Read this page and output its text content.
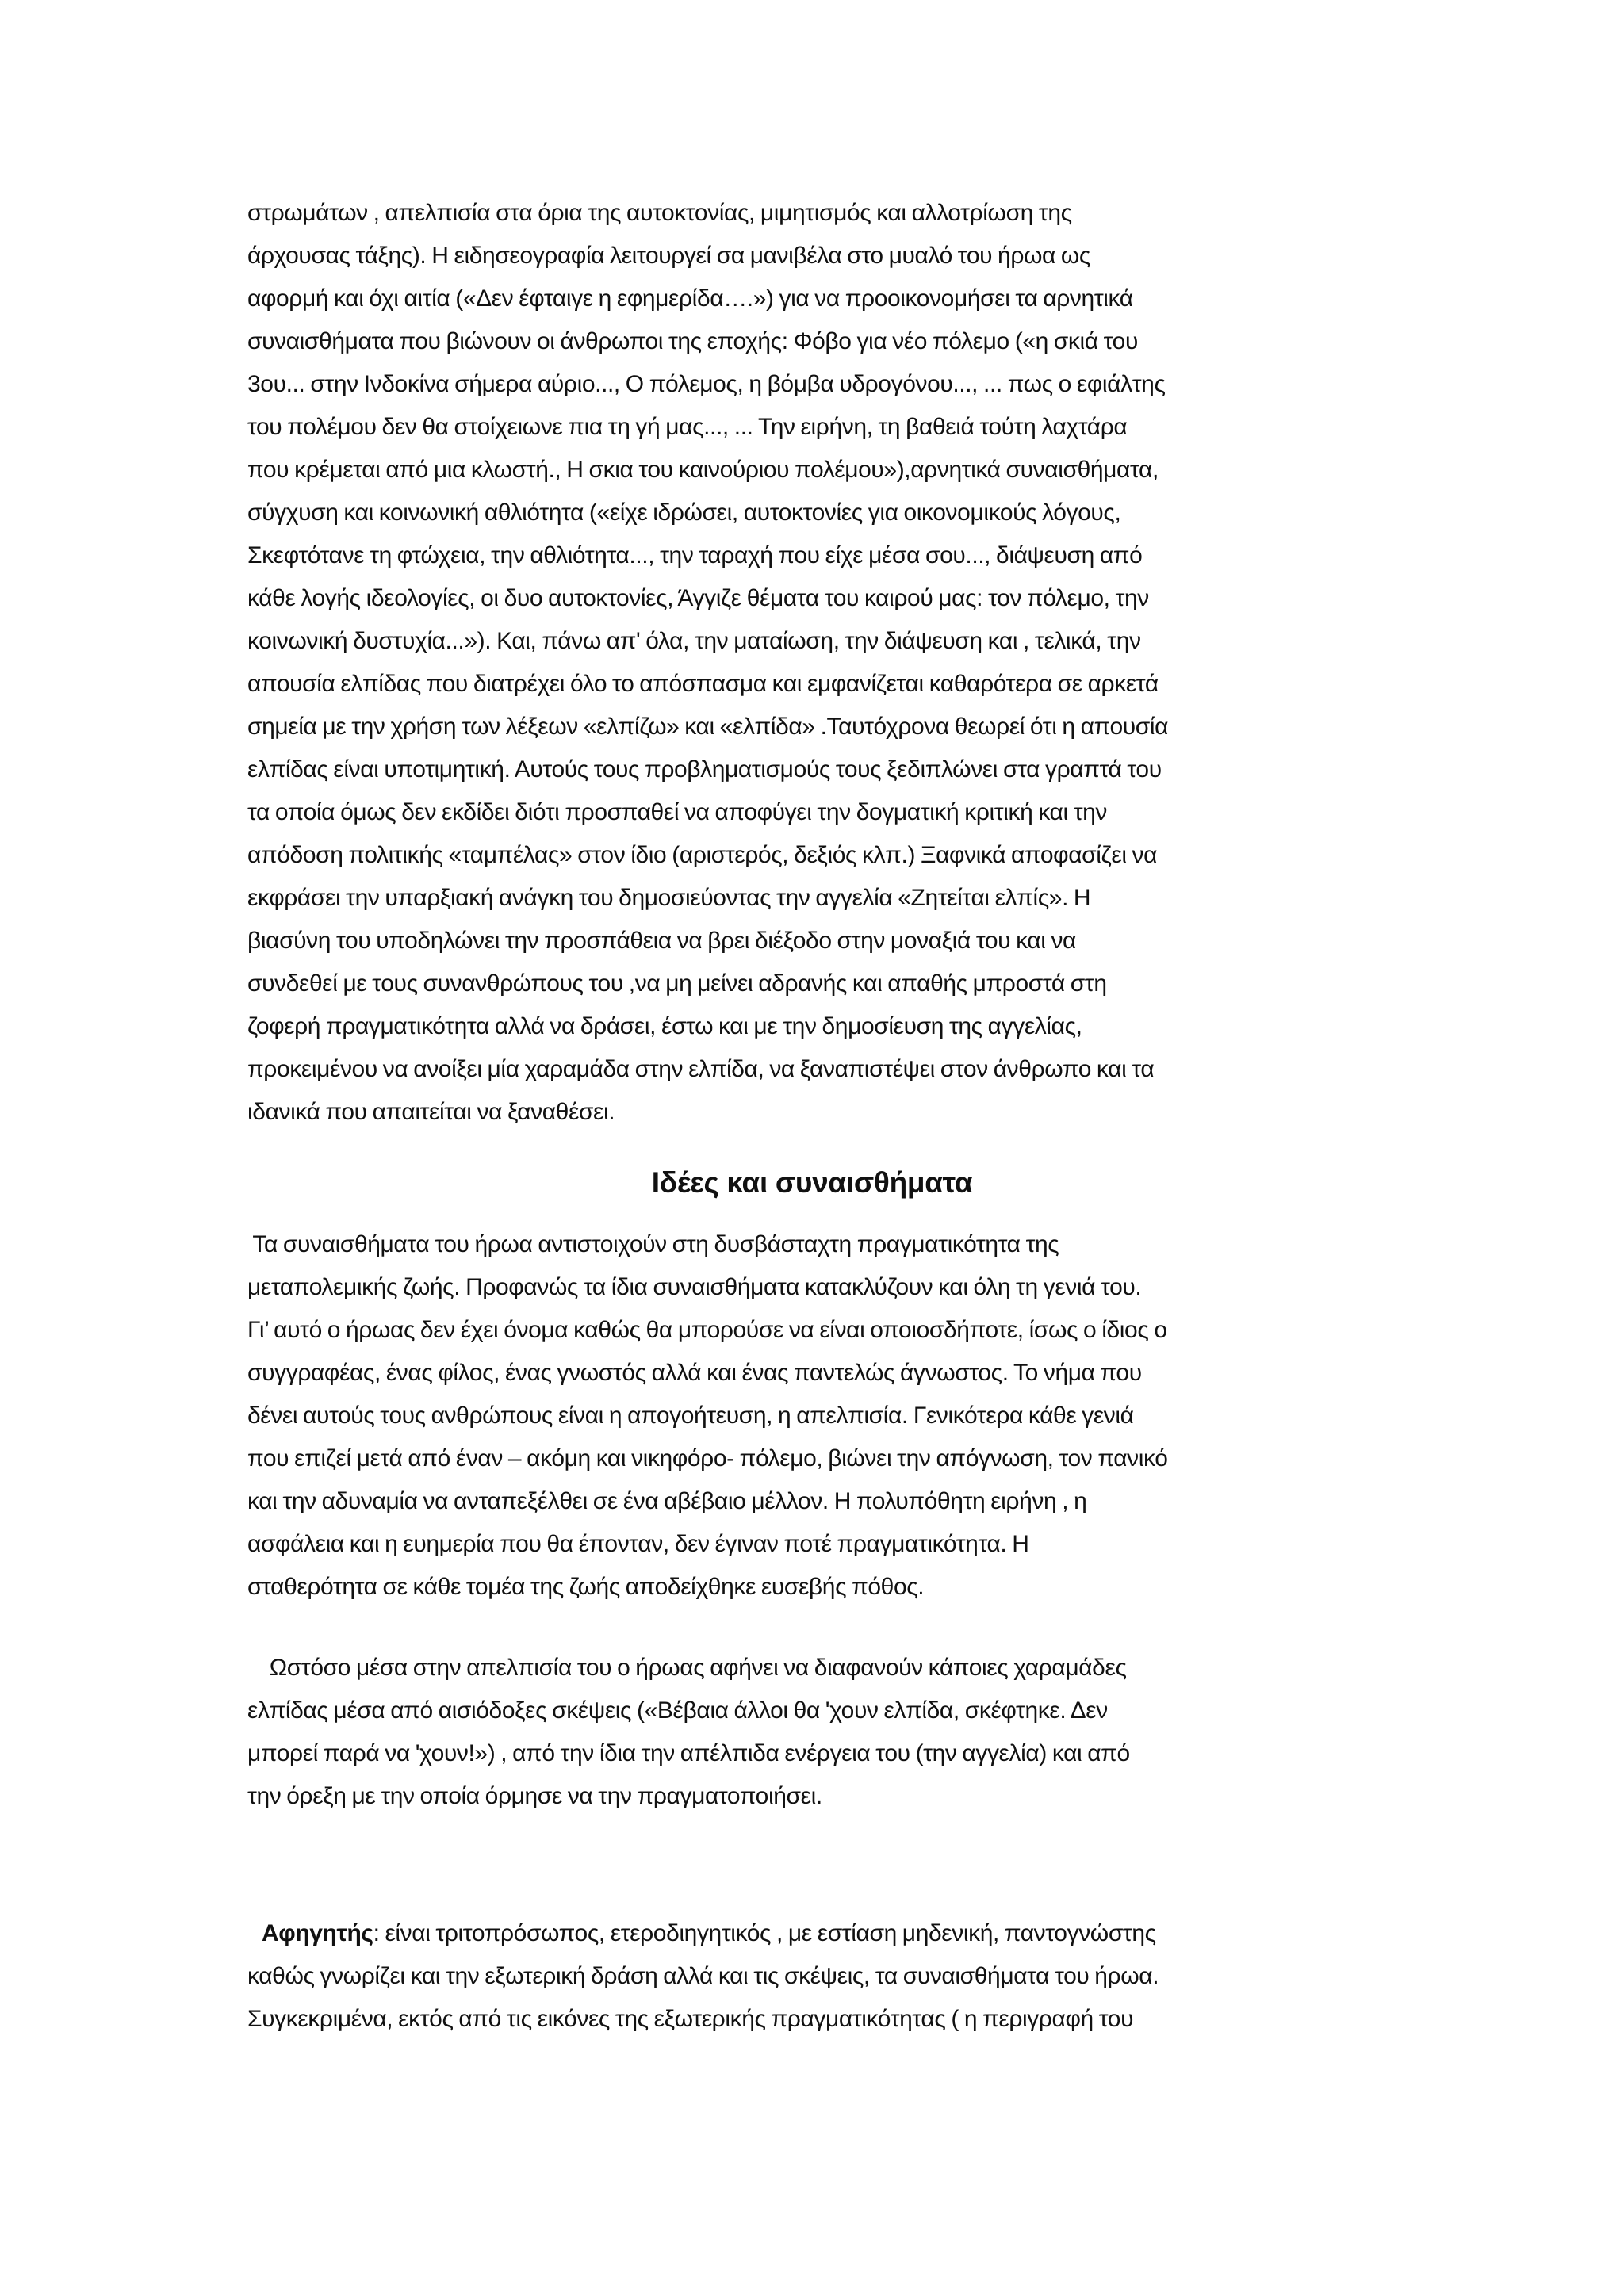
στρωμάτων , απελπισία στα όρια της αυτοκτονίας, μιμητισμός και αλλοτρίωση της
άρχουσας τάξης). Η ειδησεογραφία λειτουργεί σα μανιβέλα στο μυαλό του ήρωα ως
αφορμή και όχι αιτία («Δεν έφταιγε η εφημερίδα….») για να προοικονομήσει τα αρνητικά
συναισθήματα που βιώνουν οι άνθρωποι της εποχής: Φόβο για νέο πόλεμο («η σκιά του
3ου... στην Ινδοκίνα σήμερα αύριο..., Ο πόλεμος, η βόμβα υδρογόνου..., ... πως ο εφιάλτης
του πολέμου δεν θα στοίχειωνε πια τη γή μας..., ... Την ειρήνη, τη βαθειά τούτη λαχτάρα
που κρέμεται από μια κλωστή., Η σκια του καινούριου πολέμου»),αρνητικά συναισθήματα,
σύγχυση και κοινωνική αθλιότητα («είχε ιδρώσει, αυτοκτονίες για οικονομικούς λόγους,
Σκεφτότανε τη φτώχεια, την αθλιότητα..., την ταραχή που είχε μέσα σου..., διάψευση από
κάθε λογής ιδεολογίες, οι δυο αυτοκτονίες, Άγγιζε θέματα του καιρού μας: τον πόλεμο, την
κοινωνική δυστυχία...»). Και, πάνω απ' όλα, την ματαίωση, την διάψευση και , τελικά, την
απουσία ελπίδας που διατρέχει όλο το απόσπασμα και εμφανίζεται καθαρότερα σε αρκετά
σημεία με την χρήση των λέξεων «ελπίζω» και «ελπίδα» .Ταυτόχρονα θεωρεί ότι η απουσία
ελπίδας είναι υποτιμητική. Αυτούς τους προβληματισμούς τους ξεδιπλώνει στα γραπτά του
τα οποία όμως δεν εκδίδει διότι προσπαθεί να αποφύγει την δογματική κριτική και την
απόδοση πολιτικής «ταμπέλας» στον ίδιο (αριστερός, δεξιός κλπ.) Ξαφνικά αποφασίζει να
εκφράσει την υπαρξιακή ανάγκη του δημοσιεύοντας την αγγελία «Ζητείται ελπίς». Η
βιασύνη του υποδηλώνει την προσπάθεια να βρει διέξοδο στην μοναξιά του και να
συνδεθεί με τους συνανθρώπους του ,να μη μείνει αδρανής και απαθής μπροστά στη
ζοφερή πραγματικότητα αλλά να δράσει, έστω και με την δημοσίευση της αγγελίας,
προκειμένου να ανοίξει μία χαραμάδα στην ελπίδα, να ξαναπιστέψει στον άνθρωπο και τα
ιδανικά που απαιτείται να ξαναθέσει.
Ιδέες και συναισθήματα
Τα συναισθήματα του ήρωα αντιστοιχούν στη δυσβάσταχτη πραγματικότητα της
μεταπολεμικής ζωής. Προφανώς τα ίδια συναισθήματα κατακλύζουν και όλη τη γενιά του.
Γι’ αυτό ο ήρωας δεν έχει όνομα καθώς θα μπορούσε να είναι οποιοσδήποτε, ίσως ο ίδιος ο
συγγραφέας, ένας φίλος, ένας γνωστός αλλά και ένας παντελώς άγνωστος. Το νήμα που
δένει αυτούς τους ανθρώπους είναι η απογοήτευση, η απελπισία. Γενικότερα κάθε γενιά
που επιζεί μετά από έναν – ακόμη και νικηφόρο- πόλεμο, βιώνει την απόγνωση, τον πανικό
και την αδυναμία να ανταπεξέλθει σε ένα αβέβαιο μέλλον. Η πολυπόθητη ειρήνη , η
ασφάλεια και η ευημερία που θα έπονταν, δεν έγιναν ποτέ πραγματικότητα. Η
σταθερότητα σε κάθε τομέα της ζωής αποδείχθηκε ευσεβής πόθος.
Ωστόσο μέσα στην απελπισία του ο ήρωας αφήνει να διαφανούν κάποιες χαραμάδες
ελπίδας μέσα από αισιόδοξες σκέψεις («Βέβαια άλλοι θα 'χουν ελπίδα, σκέφτηκε. Δεν
μπορεί παρά να 'χουν!») , από την ίδια την απέλπιδα ενέργεια του (την αγγελία) και από
την όρεξη με την οποία όρμησε να την πραγματοποιήσει.
Αφηγητής: είναι τριτοπρόσωπος, ετεροδιηγητικός , με εστίαση μηδενική, παντογνώστης
καθώς γνωρίζει και την εξωτερική δράση αλλά και τις σκέψεις, τα συναισθήματα του ήρωα.
Συγκεκριμένα, εκτός από τις εικόνες της εξωτερικής πραγματικότητας ( η περιγραφή του
